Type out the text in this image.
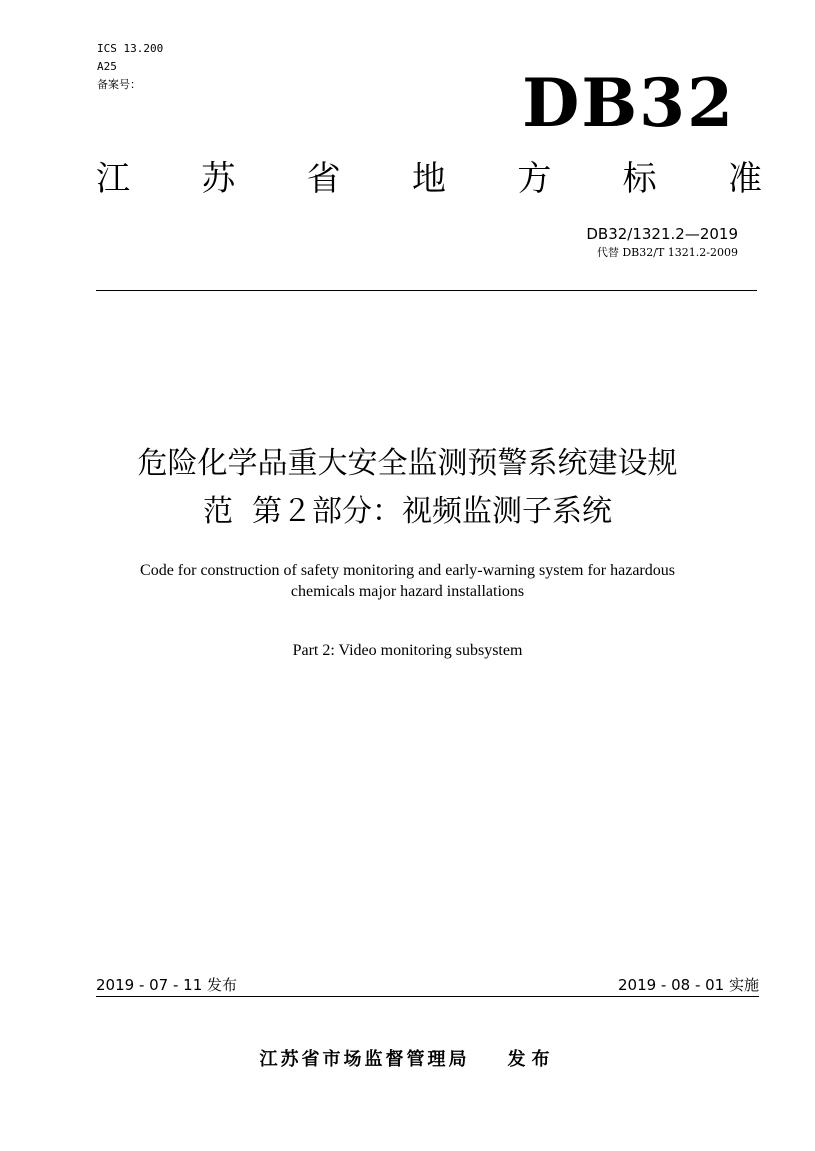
ICS 13.200
A25
备案号：	DB32
江 苏 省 地 方 标 准
DB32/1321.2—2019
代替 DB32/T 1321.2-2009
危险化学品重大安全监测预警系统建设规
范  第２部分：视频监测子系统
Code for construction of safety monitoring and early-warning system for hazardous
chemicals major hazard installations
Part 2: Video monitoring subsystem
2019 - 07 - 11 发布	2019 - 08 - 01 实施
江苏省市场监督管理局 发布
